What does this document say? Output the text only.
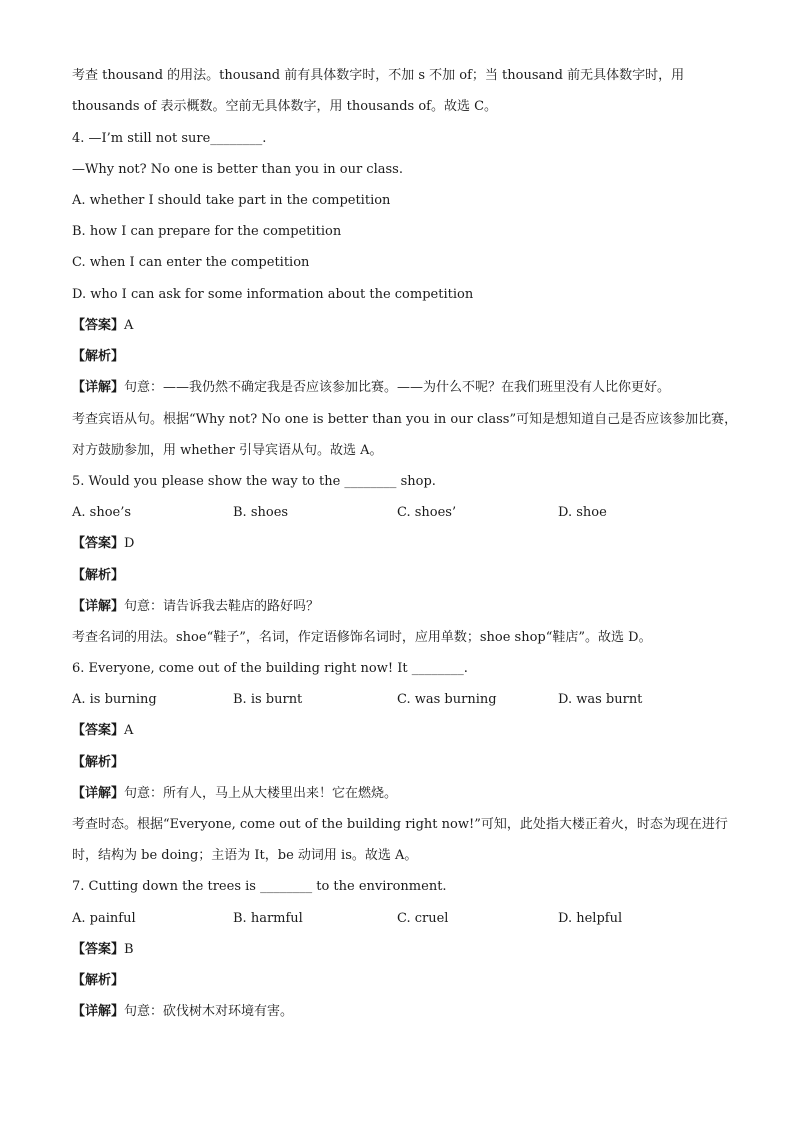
考查 thousand 的用法。thousand 前有具体数字时，不加 s 不加 of；当 thousand 前无具体数字时，用
thousands of 表示概数。空前无具体数字，用 thousands of。故选 C。
4. —I’m still not sure________.
—Why not? No one is better than you in our class.
A. whether I should take part in the competition
B. how I can prepare for the competition
C. when I can enter the competition
D. who I can ask for some information about the competition
【答案】A
【解析】
【详解】句意：——我仍然不确定我是否应该参加比赛。——为什么不呢？在我们班里没有人比你更好。
考查宾语从句。根据“Why not? No one is better than you in our class”可知是想知道自己是否应该参加比赛，
对方鼓励参加，用 whether 引导宾语从句。故选 A。
5. Would you please show the way to the ________ shop.
A. shoe’s	B. shoes	C. shoes’	D. shoe
【答案】D
【解析】
【详解】句意：请告诉我去鞋店的路好吗？
考查名词的用法。shoe“鞋子”，名词，作定语修饰名词时，应用单数；shoe shop“鞋店”。故选 D。
6. Everyone, come out of the building right now! It ________.
A. is burning	B. is burnt	C. was burning	D. was burnt
【答案】A
【解析】
【详解】句意：所有人，马上从大楼里出来！它在燃烧。
考查时态。根据“Everyone, come out of the building right now!”可知，此处指大楼正着火，时态为现在进行
时，结构为 be doing；主语为 It，be 动词用 is。故选 A。
7. Cutting down the trees is ________ to the environment.
A. painful	B. harmful	C. cruel	D. helpful
【答案】B
【解析】
【详解】句意：砍伐树木对环境有害。
